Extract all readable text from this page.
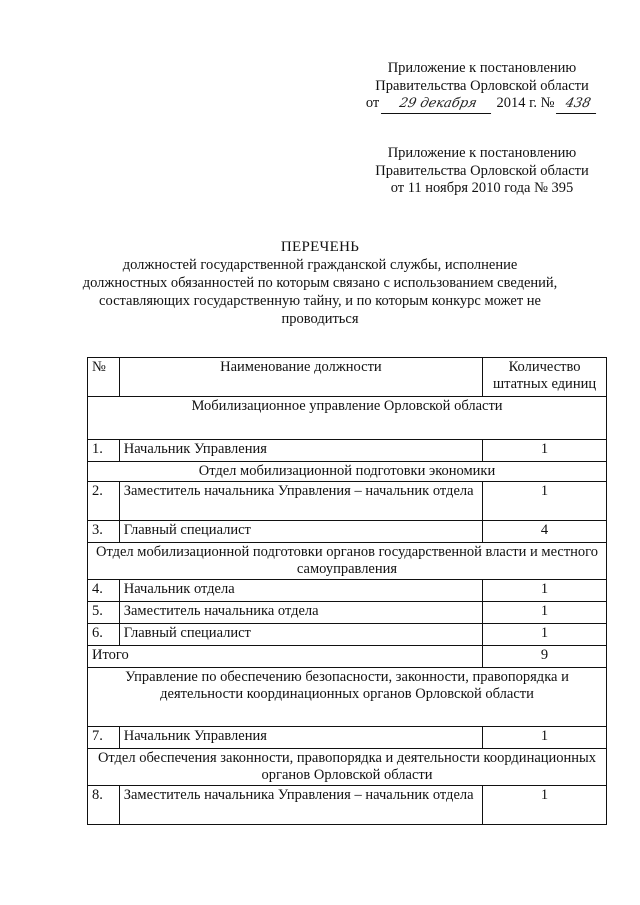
Приложение к постановлению
Правительства Орловской области
от 29 декабря 2014 г. № 438
Приложение к постановлению
Правительства Орловской области
от 11 ноября 2010 года № 395
ПЕРЕЧЕНЬ
должностей государственной гражданской службы, исполнение
должностных обязанностей по которым связано с использованием сведений,
составляющих государственную тайну, и по которым конкурс может не
проводиться
№	Наименование должности	Количество штатных единиц
Мобилизационное управление Орловской области		
1.	Начальник Управления	1
Отдел мобилизационной подготовки экономики		
2.	Заместитель начальника Управления – начальник отдела	1
3.	Главный специалист	4
Отдел мобилизационной подготовки органов государственной власти и местного самоуправления		
4.	Начальник отдела	1
5.	Заместитель начальника отдела	1
6.	Главный специалист	1
Итого		9
Управление по обеспечению безопасности, законности, правопорядка и деятельности координационных органов Орловской области		
7.	Начальник Управления	1
Отдел обеспечения законности, правопорядка и деятельности координационных органов Орловской области		
8.	Заместитель начальника Управления – начальник отдела	1
